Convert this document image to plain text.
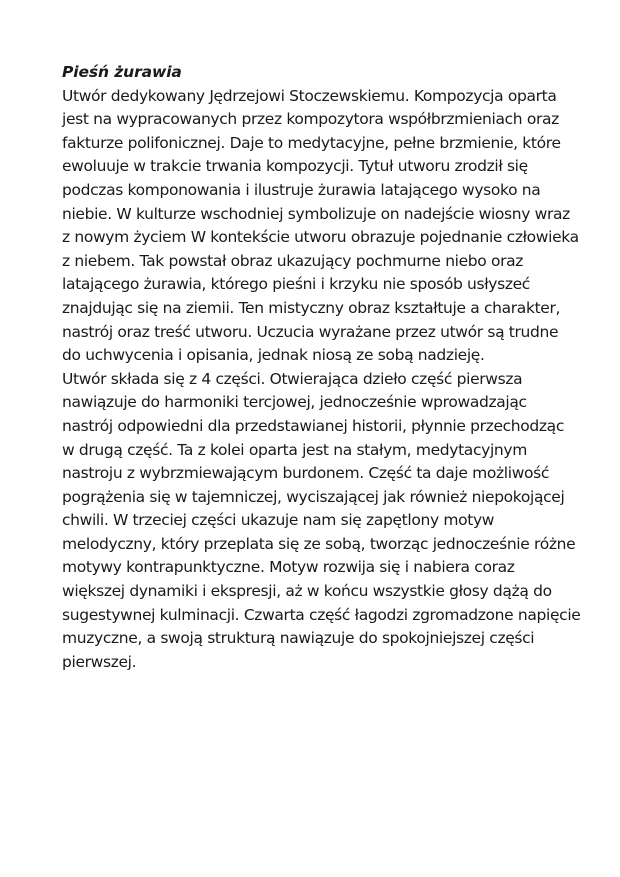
Pieśń żurawia
Utwór dedykowany Jędrzejowi Stoczewskiemu. Kompozycja oparta
jest na wypracowanych przez kompozytora współbrzmieniach oraz
fakturze polifonicznej. Daje to medytacyjne, pełne brzmienie, które
ewoluuje w trakcie trwania kompozycji. Tytuł utworu zrodził się
podczas komponowania i ilustruje żurawia latającego wysoko na
niebie. W kulturze wschodniej symbolizuje on nadejście wiosny wraz
z nowym życiem W kontekście utworu obrazuje pojednanie człowieka
z niebem. Tak powstał obraz ukazujący pochmurne niebo oraz
latającego żurawia, którego pieśni i krzyku nie sposób usłyszeć
znajdując się na ziemii. Ten mistyczny obraz kształtuje a charakter,
nastrój oraz treść utworu. Uczucia wyrażane przez utwór są trudne
do uchwycenia i opisania, jednak niosą ze sobą nadzieję.
Utwór składa się z 4 części. Otwierająca dzieło część pierwsza
nawiązuje do harmoniki tercjowej, jednocześnie wprowadzając
nastrój odpowiedni dla przedstawianej historii, płynnie przechodząc
w drugą część. Ta z kolei oparta jest na stałym, medytacyjnym
nastroju z wybrzmiewającym burdonem. Część ta daje możliwość
pogrążenia się w tajemniczej, wyciszającej jak również niepokojącej
chwili. W trzeciej części ukazuje nam się zapętlony motyw
melodyczny, który przeplata się ze sobą, tworząc jednocześnie różne
motywy kontrapunktyczne. Motyw rozwija się i nabiera coraz
większej dynamiki i ekspresji, aż w końcu wszystkie głosy dążą do
sugestywnej kulminacji. Czwarta część łagodzi zgromadzone napięcie
muzyczne, a swoją strukturą nawiązuje do spokojniejszej części
pierwszej.
